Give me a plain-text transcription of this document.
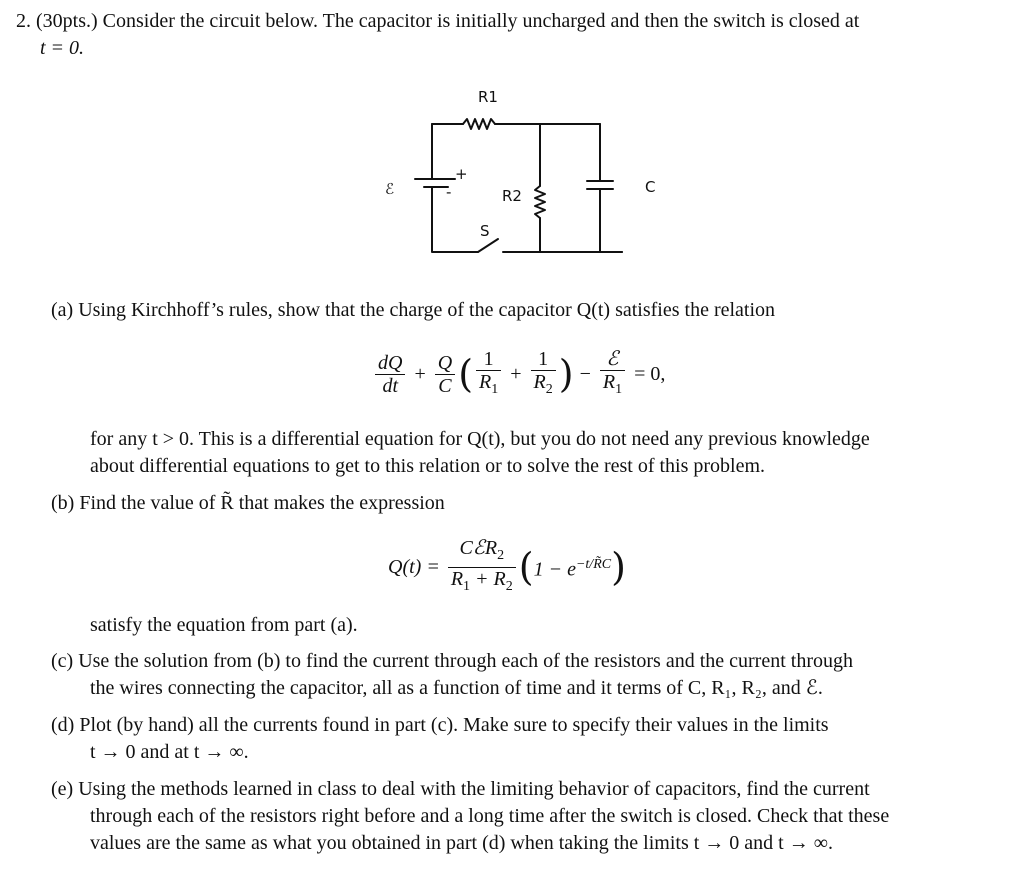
2. (30pts.) Consider the circuit below. The capacitor is initially uncharged and then the switch is closed at
t = 0.
R1
ℰ
+
-	R2	C
S
(a) Using Kirchhoff’s rules, show that the charge of the capacitor Q(t) satisfies the relation
$\frac{dQ}{dt} + \frac{Q}{C}$ ( $\frac{1}{R_1} + \frac{1}{R_2}$ ) − $\frac{\text{ℰ}}{R_1} = 0$,
for any t > 0. This is a differential equation for Q(t), but you do not need any previous knowledge
about differential equations to get to this relation or to solve the rest of this problem.
(b) Find the value of R̃ that makes the expression
$Q(t) = \frac{CℰR_2}{R_1 + R_2}$ ( $1 - e^{-t/R̃C}$ )
satisfy the equation from part (a).
(c) Use the solution from (b) to find the current through each of the resistors and the current through
the wires connecting the capacitor, all as a function of time and it terms of C, R₁, R₂, and ℰ.
(d) Plot (by hand) all the currents found in part (c). Make sure to specify their values in the limits
t → 0 and at t → ∞.
(e) Using the methods learned in class to deal with the limiting behavior of capacitors, find the current
through each of the resistors right before and a long time after the switch is closed. Check that these
values are the same as what you obtained in part (d) when taking the limits t → 0 and t → ∞.
